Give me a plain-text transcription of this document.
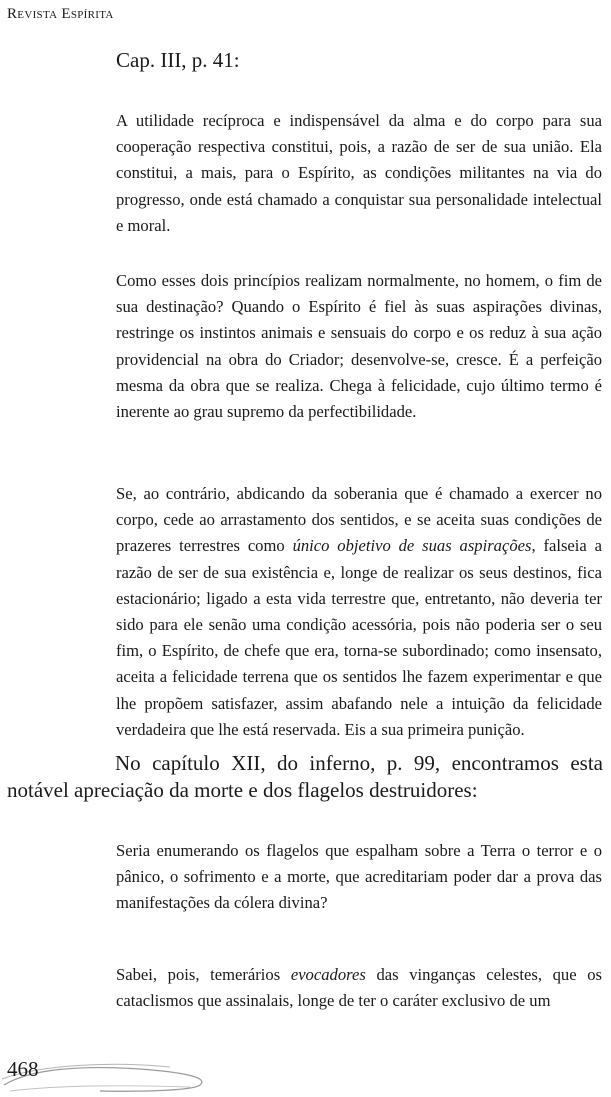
Revista Espírita
Cap. III, p. 41:

A utilidade recíproca e indispensável da alma e do corpo para sua cooperação respectiva constitui, pois, a razão de ser de sua união. Ela constitui, a mais, para o Espírito, as condições militantes na via do progresso, onde está chamado a conquistar sua personalidade intelectual e moral.

Como esses dois princípios realizam normalmente, no homem, o fim de sua destinação? Quando o Espírito é fiel às suas aspirações divinas, restringe os instintos animais e sensuais do corpo e os reduz à sua ação providencial na obra do Criador; desenvolve-se, cresce. É a perfeição mesma da obra que se realiza. Chega à felicidade, cujo último termo é inerente ao grau supremo da perfectibilidade.

Se, ao contrário, abdicando da soberania que é chamado a exercer no corpo, cede ao arrastamento dos sentidos, e se aceita suas condições de prazeres terrestres como único objetivo de suas aspirações, falseia a razão de ser de sua existência e, longe de realizar os seus destinos, fica estacionário; ligado a esta vida terrestre que, entretanto, não deveria ter sido para ele senão uma condição acessória, pois não poderia ser o seu fim, o Espírito, de chefe que era, torna-se subordinado; como insensato, aceita a felicidade terrena que os sentidos lhe fazem experimentar e que lhe propõem satisfazer, assim abafando nele a intuição da felicidade verdadeira que lhe está reservada. Eis a sua primeira punição.

No capítulo XII, do inferno, p. 99, encontramos esta notável apreciação da morte e dos flagelos destruidores:

Seria enumerando os flagelos que espalham sobre a Terra o terror e o pânico, o sofrimento e a morte, que acreditariam poder dar a prova das manifestações da cólera divina?

Sabei, pois, temerários evocadores das vinganças celestes, que os cataclismos que assinalais, longe de ter o caráter exclusivo de um

468
